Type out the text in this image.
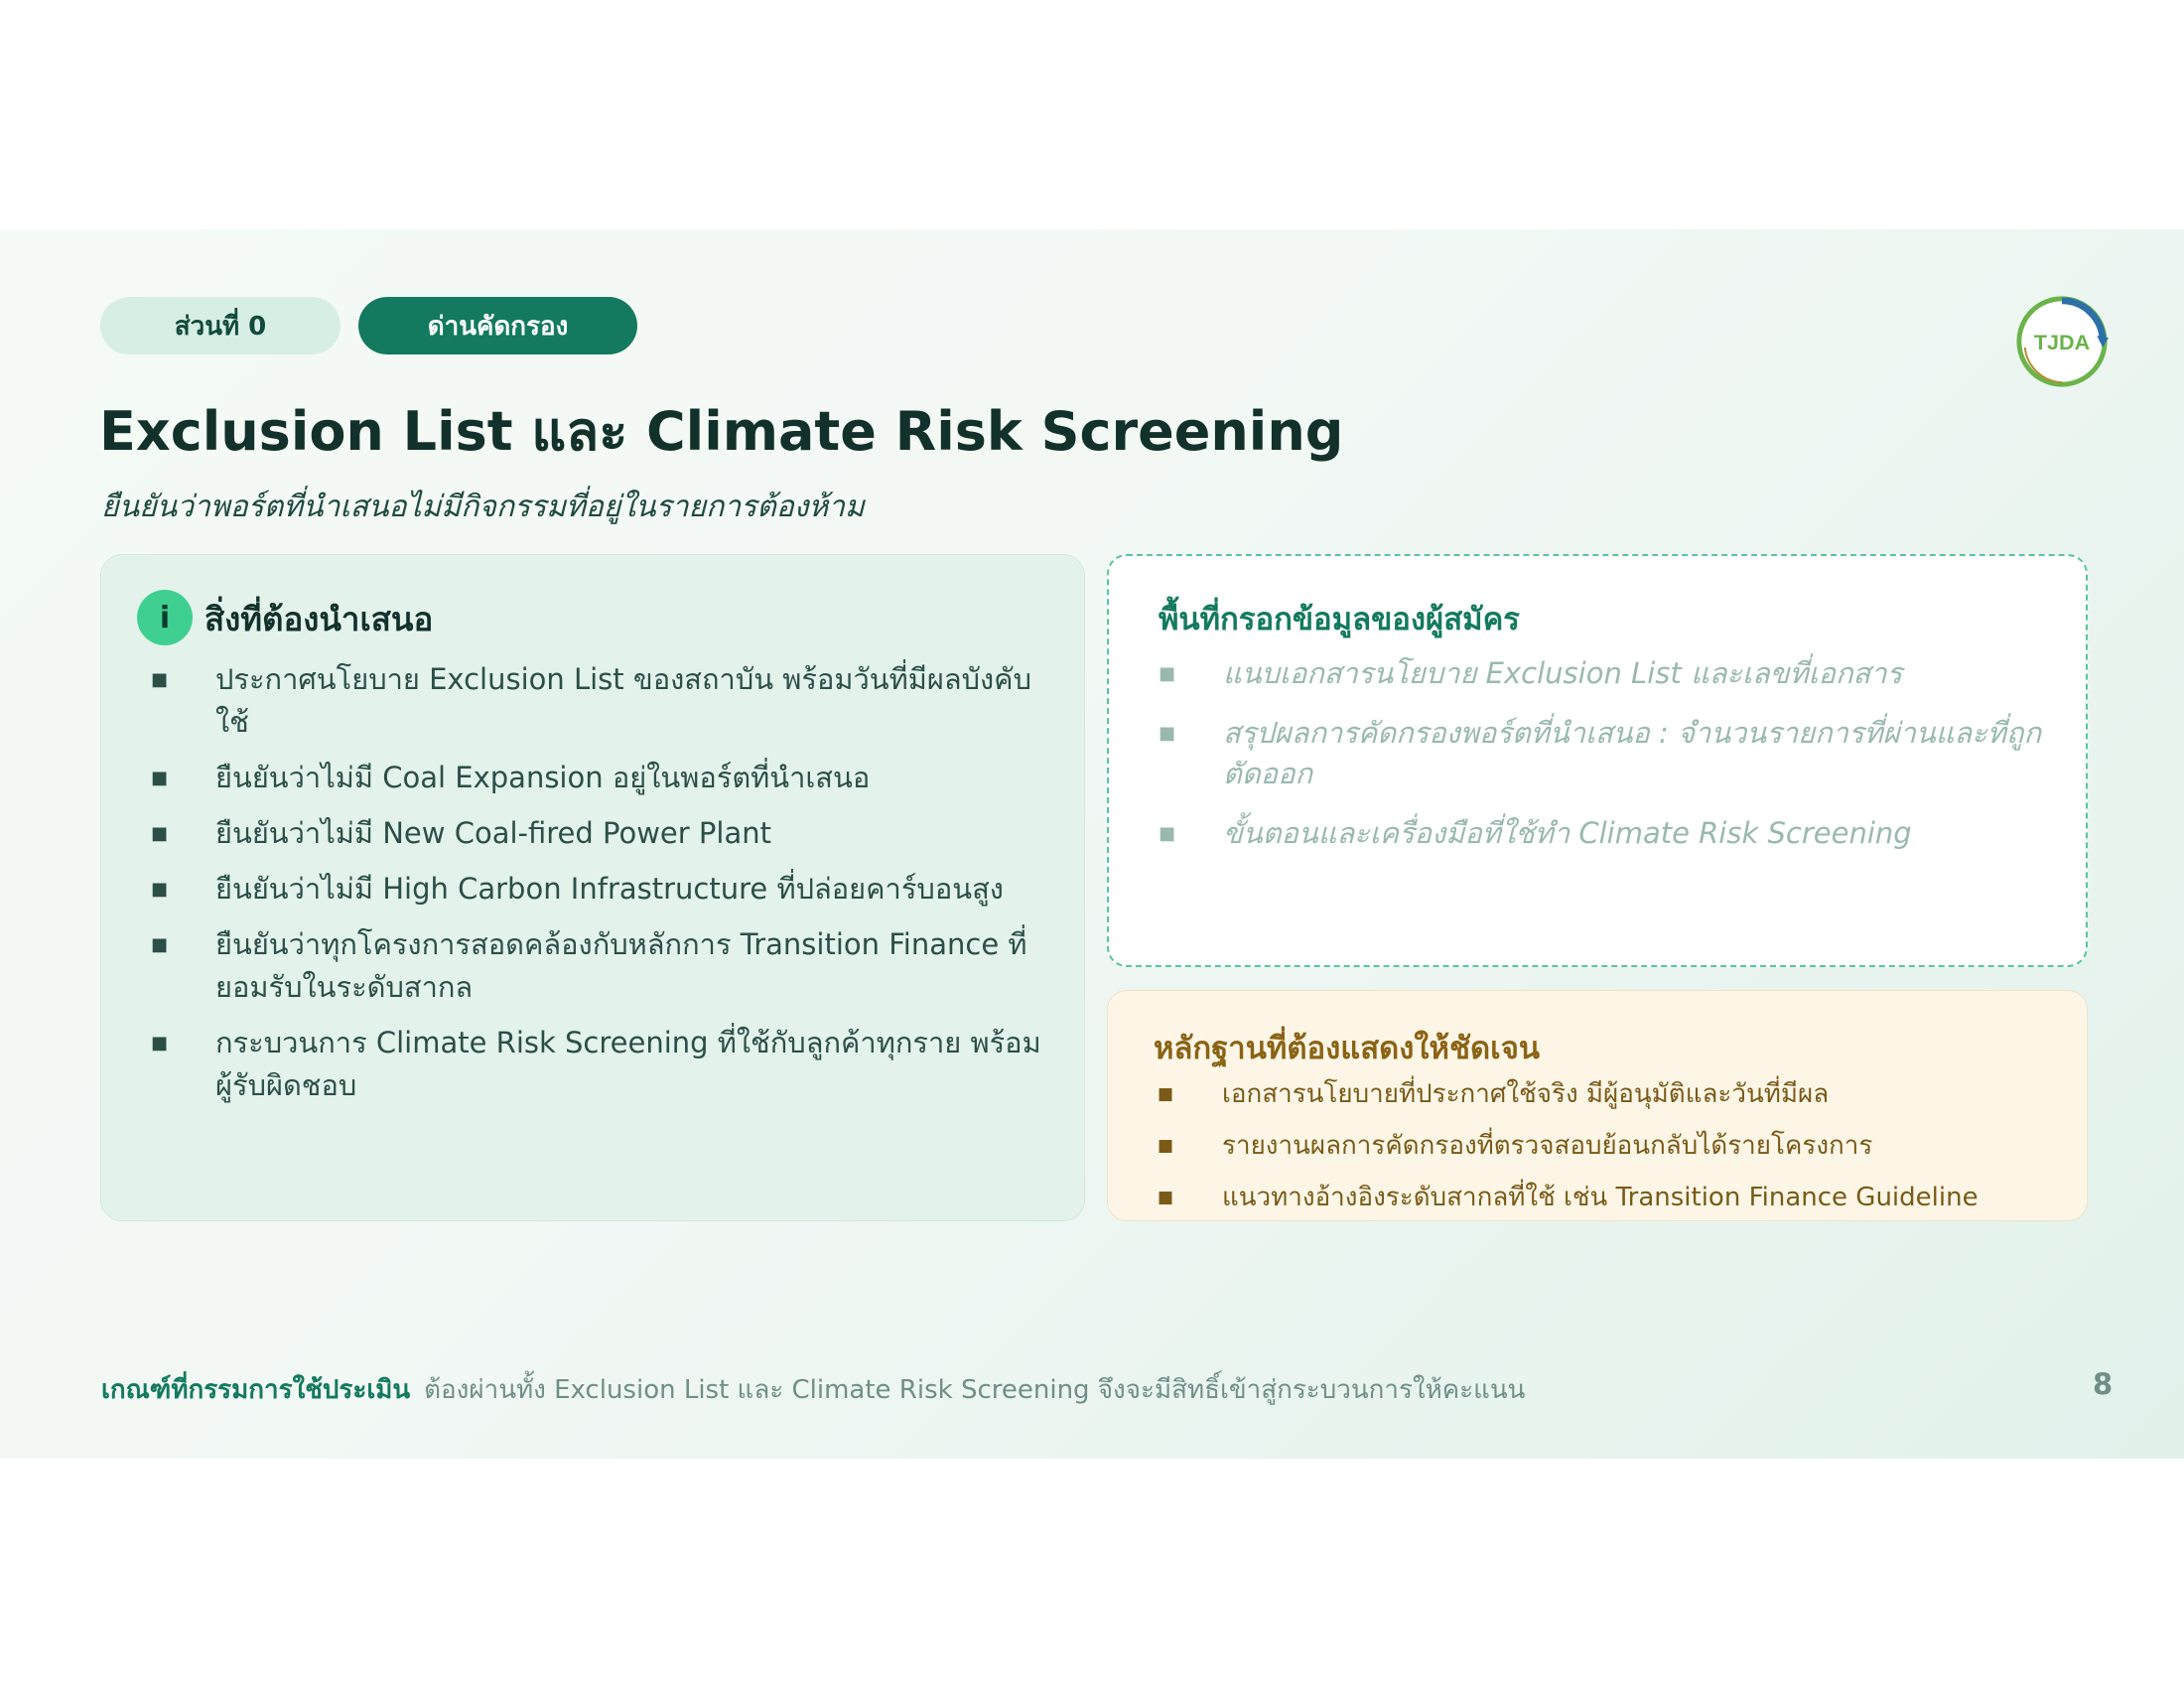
ส่วนที่ 0	ด่านคัดกรอง
TJDA
Exclusion List และ Climate Risk Screening
ยืนยันว่าพอร์ตที่นำเสนอไม่มีกิจกรรมที่อยู่ในรายการต้องห้าม
i	สิ่งที่ต้องนำเสนอ
■ ประกาศนโยบาย Exclusion List ของสถาบัน พร้อมวันที่มีผลบังคับใช้
■ ยืนยันว่าไม่มี Coal Expansion อยู่ในพอร์ตที่นำเสนอ
■ ยืนยันว่าไม่มี New Coal-fired Power Plant
■ ยืนยันว่าไม่มี High Carbon Infrastructure ที่ปล่อยคาร์บอนสูง
■ ยืนยันว่าทุกโครงการสอดคล้องกับหลักการ Transition Finance ที่ยอมรับในระดับสากล
■ กระบวนการ Climate Risk Screening ที่ใช้กับลูกค้าทุกราย พร้อมผู้รับผิดชอบ
พื้นที่กรอกข้อมูลของผู้สมัคร
■ แนบเอกสารนโยบาย Exclusion List และเลขที่เอกสาร
■ สรุปผลการคัดกรองพอร์ตที่นำเสนอ : จำนวนรายการที่ผ่านและที่ถูกตัดออก
■ ขั้นตอนและเครื่องมือที่ใช้ทำ Climate Risk Screening
หลักฐานที่ต้องแสดงให้ชัดเจน
■ เอกสารนโยบายที่ประกาศใช้จริง มีผู้อนุมัติและวันที่มีผล
■ รายงานผลการคัดกรองที่ตรวจสอบย้อนกลับได้รายโครงการ
■ แนวทางอ้างอิงระดับสากลที่ใช้ เช่น Transition Finance Guideline
เกณฑ์ที่กรรมการใช้ประเมิน ต้องผ่านทั้ง Exclusion List และ Climate Risk Screening จึงจะมีสิทธิ์เข้าสู่กระบวนการให้คะแนน	8
